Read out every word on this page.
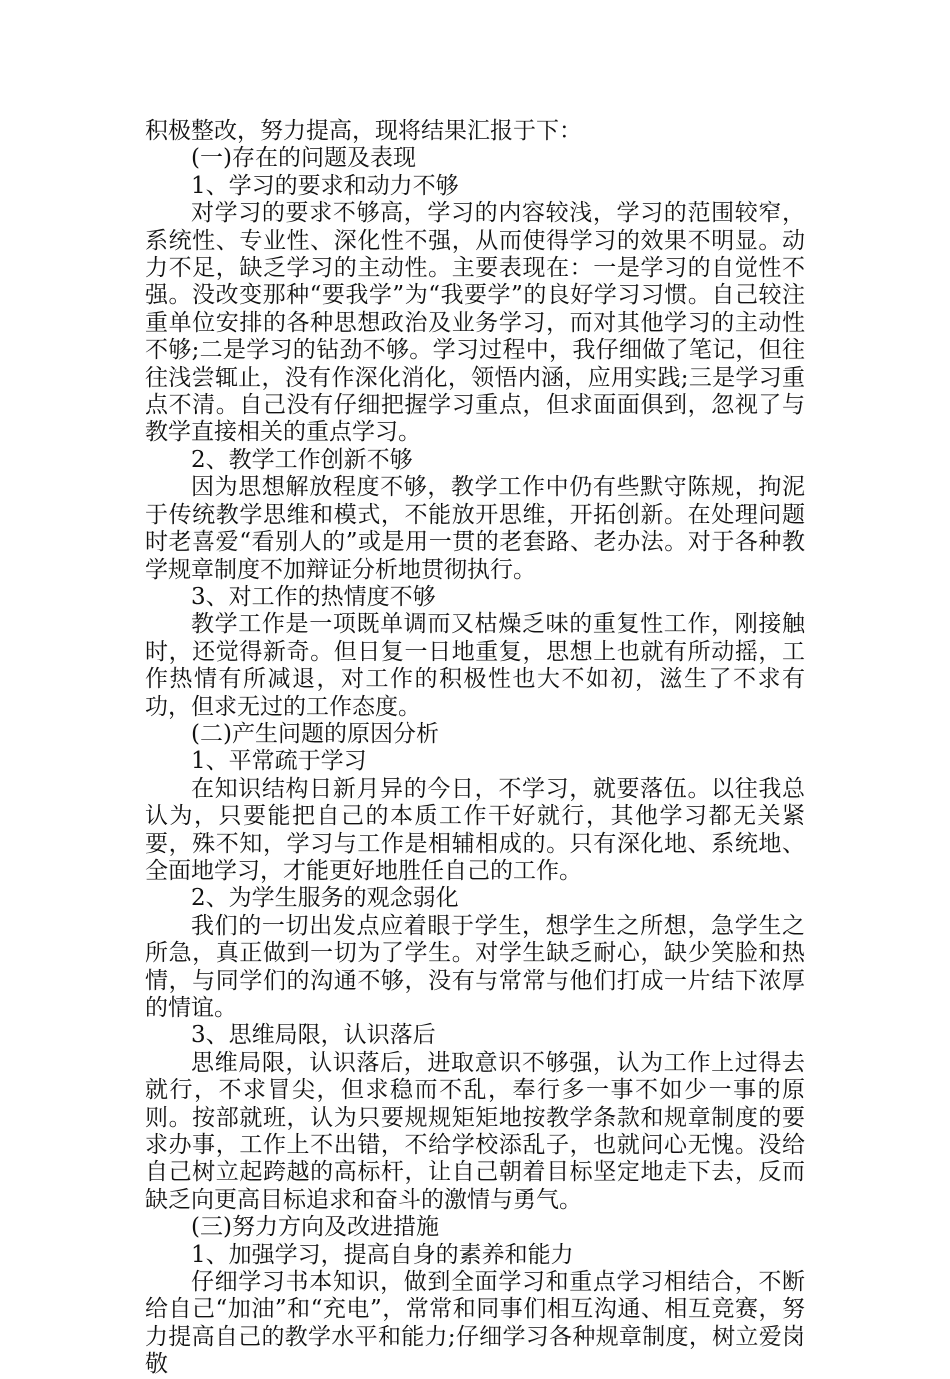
积极整改，努力提高，现将结果汇报于下：

(一)存在的问题及表现

1、学习的要求和动力不够

对学习的要求不够高，学习的内容较浅，学习的范围较窄，系统性、专业性、深化性不强，从而使得学习的效果不明显。动力不足，缺乏学习的主动性。主要表现在：一是学习的自觉性不强。没改变那种“要我学”为“我要学”的良好学习习惯。自己较注重单位安排的各种思想政治及业务学习，而对其他学习的主动性不够;二是学习的钻劲不够。学习过程中，我仔细做了笔记，但往往浅尝辄止，没有作深化消化，领悟内涵，应用实践;三是学习重点不清。自己没有仔细把握学习重点，但求面面俱到，忽视了与教学直接相关的重点学习。

2、教学工作创新不够

因为思想解放程度不够，教学工作中仍有些默守陈规，拘泥于传统教学思维和模式，不能放开思维，开拓创新。在处理问题时老喜爱“看别人的”或是用一贯的老套路、老办法。对于各种教学规章制度不加辩证分析地贯彻执行。

3、对工作的热情度不够

教学工作是一项既单调而又枯燥乏味的重复性工作，刚接触时，还觉得新奇。但日复一日地重复，思想上也就有所动摇，工作热情有所减退，对工作的积极性也大不如初，滋生了不求有功，但求无过的工作态度。

(二)产生问题的原因分析

1、平常疏于学习

在知识结构日新月异的今日，不学习，就要落伍。以往我总认为，只要能把自己的本质工作干好就行，其他学习都无关紧要，殊不知，学习与工作是相辅相成的。只有深化地、系统地、全面地学习，才能更好地胜任自己的工作。

2、为学生服务的观念弱化

我们的一切出发点应着眼于学生，想学生之所想，急学生之所急，真正做到一切为了学生。对学生缺乏耐心，缺少笑脸和热情，与同学们的沟通不够，没有与常常与他们打成一片结下浓厚的情谊。

3、思维局限，认识落后

思维局限，认识落后，进取意识不够强，认为工作上过得去就行，不求冒尖，但求稳而不乱，奉行多一事不如少一事的原则。按部就班，认为只要规规矩矩地按教学条款和规章制度的要求办事，工作上不出错，不给学校添乱子，也就问心无愧。没给自己树立起跨越的高标杆，让自己朝着目标坚定地走下去，反而缺乏向更高目标追求和奋斗的激情与勇气。

(三)努力方向及改进措施

1、加强学习，提高自身的素养和能力

仔细学习书本知识，做到全面学习和重点学习相结合，不断给自己“加油”和“充电”，常常和同事们相互沟通、相互竞赛，努力提高自己的教学水平和能力;仔细学习各种规章制度，树立爱岗敬
